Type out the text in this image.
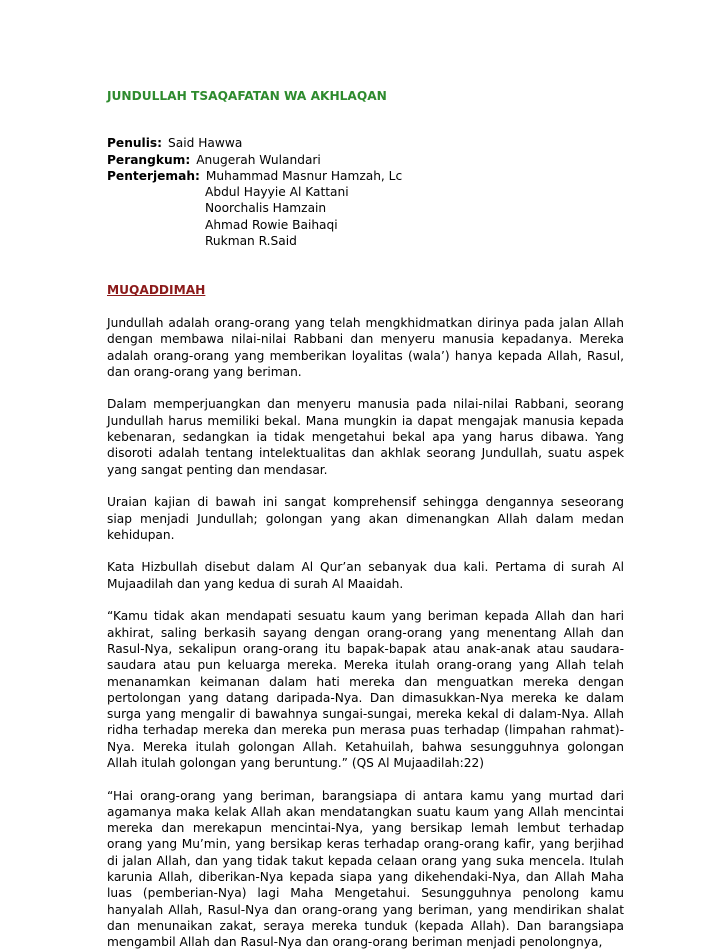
JUNDULLAH TSAQAFATAN WA AKHLAQAN
Penulis: Said Hawwa
Perangkum: Anugerah Wulandari
Penterjemah: Muhammad Masnur Hamzah, Lc
Abdul Hayyie Al Kattani
Noorchalis Hamzain
Ahmad Rowie Baihaqi
Rukman R.Said
MUQADDIMAH

Jundullah adalah orang-orang yang telah mengkhidmatkan dirinya pada jalan Allah dengan membawa nilai-nilai Rabbani dan menyeru manusia kepadanya. Mereka adalah orang-orang yang memberikan loyalitas (wala’) hanya kepada Allah, Rasul, dan orang-orang yang beriman.

Dalam memperjuangkan dan menyeru manusia pada nilai-nilai Rabbani, seorang Jundullah harus memiliki bekal. Mana mungkin ia dapat mengajak manusia kepada kebenaran, sedangkan ia tidak mengetahui bekal apa yang harus dibawa. Yang disoroti adalah tentang intelektualitas dan akhlak seorang Jundullah, suatu aspek yang sangat penting dan mendasar.

Uraian kajian di bawah ini sangat komprehensif sehingga dengannya seseorang siap menjadi Jundullah; golongan yang akan dimenangkan Allah dalam medan kehidupan.

Kata Hizbullah disebut dalam Al Qur’an sebanyak dua kali. Pertama di surah Al Mujaadilah dan yang kedua di surah Al Maaidah.

“Kamu tidak akan mendapati sesuatu kaum yang beriman kepada Allah dan hari akhirat, saling berkasih sayang dengan orang-orang yang menentang Allah dan Rasul-Nya, sekalipun orang-orang itu bapak-bapak atau anak-anak atau saudara-saudara atau pun keluarga mereka. Mereka itulah orang-orang yang Allah telah menanamkan keimanan dalam hati mereka dan menguatkan mereka dengan pertolongan yang datang daripada-Nya. Dan dimasukkan-Nya mereka ke dalam surga yang mengalir di bawahnya sungai-sungai, mereka kekal di dalam-Nya. Allah ridha terhadap mereka dan mereka pun merasa puas terhadap (limpahan rahmat)-Nya. Mereka itulah golongan Allah. Ketahuilah, bahwa sesungguhnya golongan Allah itulah golongan yang beruntung.” (QS Al Mujaadilah:22)

“Hai orang-orang yang beriman, barangsiapa di antara kamu yang murtad dari agamanya maka kelak Allah akan mendatangkan suatu kaum yang Allah mencintai mereka dan merekapun mencintai-Nya, yang bersikap lemah lembut terhadap orang yang Mu’min, yang bersikap keras terhadap orang-orang kafir, yang berjihad di jalan Allah, dan yang tidak takut kepada celaan orang yang suka mencela. Itulah karunia Allah, diberikan-Nya kepada siapa yang dikehendaki-Nya, dan Allah Maha luas (pemberian-Nya) lagi Maha Mengetahui. Sesungguhnya penolong kamu hanyalah Allah, Rasul-Nya dan orang-orang yang beriman, yang mendirikan shalat dan menunaikan zakat, seraya mereka tunduk (kepada Allah). Dan barangsiapa mengambil Allah dan Rasul-Nya dan orang-orang beriman menjadi penolongnya,
